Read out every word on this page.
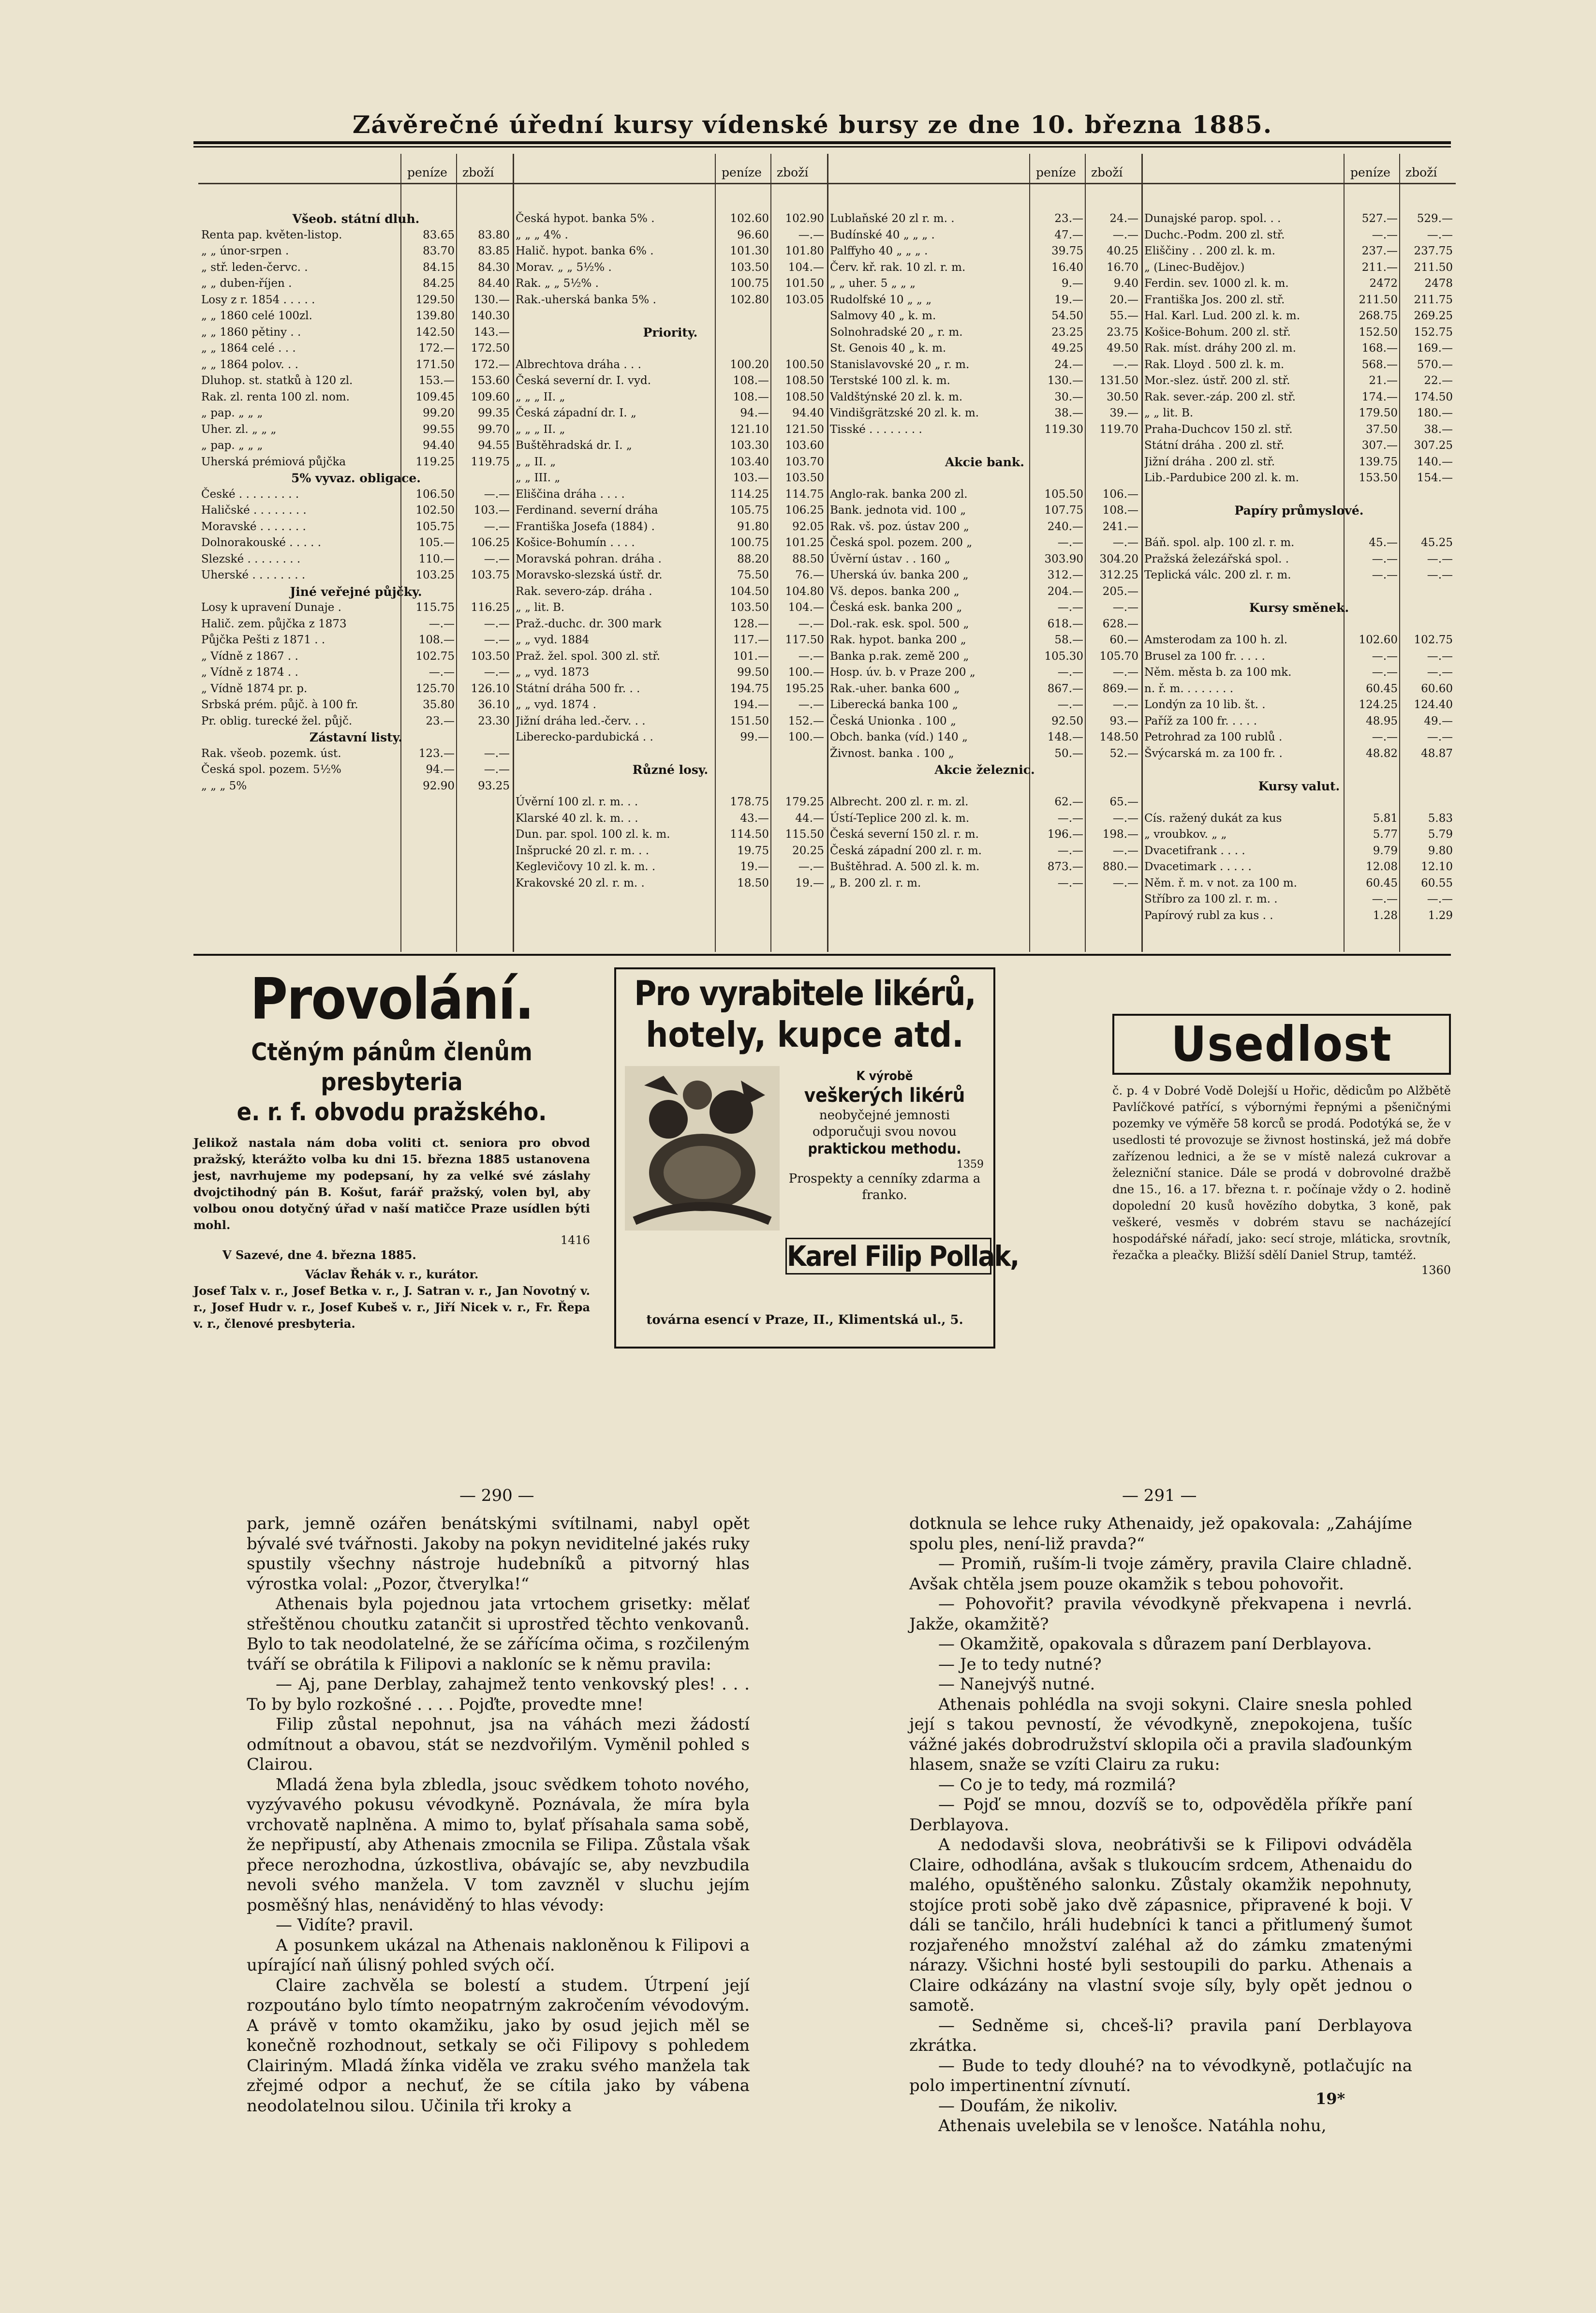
Závěrečné úřední kursy vídenské bursy ze dne 10. března 1885.
peníze zboží
Všeob. státní dluh.
Renta pap. květen-listop.	83.65	83.80
„ „ únor-srpen .	83.70	83.85
„ stř. leden-červc. .	84.15	84.30
„ „ duben-říjen .	84.25	84.40
Losy z r. 1854 . . . . .	129.50	130.—
„ „ 1860 celé 100zl.	139.80	140.30
„ „ 1860 pětiny . .	142.50	143.—
„ „ 1864 celé . . .	172.—	172.50
„ „ 1864 polov. . .	171.50	172.—
Dluhop. st. statků à 120 zl.	153.—	153.60
Rak. zl. renta 100 zl. nom.	109.45	109.60
„ pap. „ „ „	99.20	99.35
Uher. zl. „ „ „	99.55	99.70
„ pap. „ „ „	94.40	94.55
Uherská prémiová půjčka	119.25	119.75
5% vyvaz. obligace.
České . . . . . . . . .	106.50	—.—
Haličské . . . . . . . .	102.50	103.—
Moravské . . . . . . .	105.75	—.—
Dolnorakouské . . . . .	105.—	106.25
Slezské . . . . . . . .	110.—	—.—
Uherské . . . . . . . .	103.25	103.75
Jiné veřejné půjčky.
Losy k upravení Dunaje .	115.75	116.25
Halič. zem. půjčka z 1873	—.—	—.—
Půjčka Pešti z 1871 . .	108.—	—.—
„ Vídně z 1867 . .	102.75	103.50
„ Vídně z 1874 . .	—.—	—.—
„ Vídně 1874 pr. p.	125.70	126.10
Srbská prém. půjč. à 100 fr.	35.80	36.10
Pr. oblig. turecké žel. půjč.	23.—	23.30
Zástavní listy.
Rak. všeob. pozemk. úst.	123.—	—.—
Česká spol. pozem. 5½%	94.—	—.—
„ „ „ 5%	92.90	93.25
peníze zboží
Česká hypot. banka 5% .	102.60	102.90
„ „ „ 4% .	96.60	—.—
Halič. hypot. banka 6% .	101.30	101.80
Morav. „ „ 5½% .	103.50	104.—
Rak. „ „ 5½% .	100.75	101.50
Rak.-uherská banka 5% .	102.80	103.05
Priority.
Albrechtova dráha . . .	100.20	100.50
Česká severní dr. I. vyd.	108.—	108.50
„ „ „ II. „	108.—	108.50
Česká západní dr. I. „	94.—	94.40
„ „ „ II. „	121.10	121.50
Buštěhradská dr. I. „	103.30	103.60
„ „ II. „	103.40	103.70
„ „ III. „	103.—	103.50
Eliščina dráha . . . .	114.25	114.75
Ferdinand. severní dráha	105.75	106.25
Františka Josefa (1884) .	91.80	92.05
Košice-Bohumín . . . .	100.75	101.25
Moravská pohran. dráha .	88.20	88.50
Moravsko-slezská ústř. dr.	75.50	76.—
Rak. severo-záp. dráha .	104.50	104.80
„ „ lit. B.	103.50	104.—
Praž.-duchc. dr. 300 mark	128.—	—.—
„ „ vyd. 1884	117.—	117.50
Praž. žel. spol. 300 zl. stř.	101.—	—.—
„ „ vyd. 1873	99.50	100.—
Státní dráha 500 fr. . .	194.75	195.25
„ „ vyd. 1874 .	194.—	—.—
Jižní dráha led.-červ. . .	151.50	152.—
Liberecko-pardubická . .	99.—	100.—
Různé losy.
Úvěrní 100 zl. r. m. . .	178.75	179.25
Klarské 40 zl. k. m. . .	43.—	44.—
Dun. par. spol. 100 zl. k. m.	114.50	115.50
Inšprucké 20 zl. r. m. . .	19.75	20.25
Keglevičovy 10 zl. k. m. .	19.—	—.—
Krakovské 20 zl. r. m. .	18.50	19.—
peníze zboží
Lublaňské 20 zl r. m. .	23.—	24.—
Budínské 40 „ „ „ .	47.—	—.—
Palffyho 40 „ „ „ .	39.75	40.25
Červ. kř. rak. 10 zl. r. m.	16.40	16.70
„ „ uher. 5 „ „ „	9.—	9.40
Rudolfské 10 „ „ „	19.—	20.—
Salmovy 40 „ k. m.	54.50	55.—
Solnohradské 20 „ r. m.	23.25	23.75
St. Genois 40 „ k. m.	49.25	49.50
Stanislavovské 20 „ r. m.	24.—	—.—
Terstské 100 zl. k. m.	130.—	131.50
Valdštýnské 20 zl. k. m.	30.—	30.50
Vindišgrätzské 20 zl. k. m.	38.—	39.—
Tisské . . . . . . . .	119.30	119.70
Akcie bank.
Anglo-rak. banka 200 zl.	105.50	106.—
Bank. jednota vid. 100 „	107.75	108.—
Rak. vš. poz. ústav 200 „	240.—	241.—
Česká spol. pozem. 200 „	—.—	—.—
Úvěrní ústav . . 160 „	303.90	304.20
Uherská úv. banka 200 „	312.—	312.25
Vš. depos. banka 200 „	204.—	205.—
Česká esk. banka 200 „	—.—	—.—
Dol.-rak. esk. spol. 500 „	618.—	628.—
Rak. hypot. banka 200 „	58.—	60.—
Banka p.rak. země 200 „	105.30	105.70
Hosp. úv. b. v Praze 200 „	—.—	—.—
Rak.-uher. banka 600 „	867.—	869.—
Liberecká banka 100 „	—.—	—.—
Česká Unionka . 100 „	92.50	93.—
Obch. banka (víd.) 140 „	148.—	148.50
Živnost. banka . 100 „	50.—	52.—
Akcie železnic.
Albrecht. 200 zl. r. m. zl.	62.—	65.—
Ústí-Teplice 200 zl. k. m.	—.—	—.—
Česká severní 150 zl. r. m.	196.—	198.—
Česká západní 200 zl. r. m.	—.—	—.—
Buštěhrad. A. 500 zl. k. m.	873.—	880.—
„ B. 200 zl. r. m.	—.—	—.—
peníze zboží
Dunajské parop. spol. . .	527.—	529.—
Duchc.-Podm. 200 zl. stř.	—.—	—.—
Eliščiny . . 200 zl. k. m.	237.—	237.75
„ (Linec-Budějov.)	211.—	211.50
Ferdin. sev. 1000 zl. k. m.	2472	2478
Františka Jos. 200 zl. stř.	211.50	211.75
Hal. Karl. Lud. 200 zl. k. m.	268.75	269.25
Košice-Bohum. 200 zl. stř.	152.50	152.75
Rak. míst. dráhy 200 zl. m.	168.—	169.—
Rak. Lloyd . 500 zl. k. m.	568.—	570.—
Mor.-slez. ústř. 200 zl. stř.	21.—	22.—
Rak. sever.-záp. 200 zl. stř.	174.—	174.50
„ „ lit. B.	179.50	180.—
Praha-Duchcov 150 zl. stř.	37.50	38.—
Státní dráha . 200 zl. stř.	307.—	307.25
Jižní dráha . 200 zl. stř.	139.75	140.—
Lib.-Pardubice 200 zl. k. m.	153.50	154.—
Papíry průmyslové.
Báň. spol. alp. 100 zl. r. m.	45.—	45.25
Pražská železářská spol. .	—.—	—.—
Teplická válc. 200 zl. r. m.	—.—	—.—
Kursy směnek.
Amsterodam za 100 h. zl.	102.60	102.75
Brusel za 100 fr. . . . .	—.—	—.—
Něm. města b. za 100 mk.	—.—	—.—
n. ř. m. . . . . . . .	60.45	60.60
Londýn za 10 lib. št. .	124.25	124.40
Paříž za 100 fr. . . . .	48.95	49.—
Petrohrad za 100 rublů .	—.—	—.—
Švýcarská m. za 100 fr. .	48.82	48.87
Kursy valut.
Cís. ražený dukát za kus	5.81	5.83
„ vroubkov. „ „	5.77	5.79
Dvacetifrank . . . .	9.79	9.80
Dvacetimark . . . . .	12.08	12.10
Něm. ř. m. v not. za 100 m.	60.45	60.55
Stříbro za 100 zl. r. m. .	—.—	—.—
Papírový rubl za kus . .	1.28	1.29
Provolání.
Ctěným pánům členům presbyteria
e. r. f. obvodu pražského.
Jelikož nastala nám doba voliti ct. seniora pro obvod pražský, kterážto volba ku dni 15. března 1885 ustanovena jest, navrhujeme my podepsaní, hy za velké své záslahy dvojctihodný pán B. Košut, farář pražský, volen byl, aby volbou onou dotyčný úřad v naší matičce Praze usídlen býti mohl.
1416
V Sazevé, dne 4. března 1885.
Václav Řehák v. r., kurátor.
Josef Talx v. r., Josef Betka v. r., J. Satran v. r., Jan Novotný v. r., Josef Hudr v. r., Josef Kubeš v. r., Jiří Nicek v. r., Fr. Řepa v. r., členové presbyteria.
Pro vyrabitele likérů,
hotely, kupce atd.
K výrobě
veškerých likérů
neobyčejné jemnosti odporučuji svou novou
praktickou methodu.
1359
Prospekty a cenníky zdarma a franko.
Karel Filip Pollak,
továrna esencí v Praze, II., Klimentská ul., 5.
Usedlost
č. p. 4 v Dobré Vodě Dolejší u Hořic, dědicům po Alžbětě Pavlíčkové patřící, s výbornými řepnými a pšeničnými pozemky ve výměře 58 korců se prodá. Podotýká se, že v usedlosti té provozuje se živnost hostinská, jež má dobře zařízenou lednici, a že se v místě nalezá cukrovar a železniční stanice. Dále se prodá v dobrovolné dražbě dne 15., 16. a 17. března t. r. počínaje vždy o 2. hodině dopolední 20 kusů hovězího dobytka, 3 koně, pak veškeré, vesměs v dobrém stavu se nacházející hospodářské nářadí, jako: secí stroje, mláticka, srovtník, řezačka a pleačky. Bližší sdělí Daniel Strup, tamtéž.
1360
— 290 —	— 291 —

park, jemně ozářen benátskými svítilnami, nabyl opět bývalé své tvářnosti. Jakoby na pokyn neviditelné jakés ruky spustily všechny nástroje hudebníků a pitvorný hlas výrostka volal: „Pozor, čtverylka!“

Athenais byla pojednou jata vrtochem grisetky: mělať střeštěnou choutku zatančit si uprostřed těchto venkovanů. Bylo to tak neodolatelné, že se zářícíma očima, s rozčileným tváří se obrátila k Filipovi a nakloníc se k němu pravila:

— Aj, pane Derblay, zahajmež tento venkovský ples! . . . To by bylo rozkošné . . . . Pojďte, provedte mne!

Filip zůstal nepohnut, jsa na váhách mezi žádostí odmítnout a obavou, stát se nezdvořilým. Vyměnil pohled s Clairou.

Mladá žena byla zbledla, jsouc svědkem tohoto nového, vyzývavého pokusu vévodkyně. Poznávala, že míra byla vrchovatě naplněna. A mimo to, bylať přísahala sama sobě, že nepřipustí, aby Athenais zmocnila se Filipa. Zůstala však přece nerozhodna, úzkostliva, obávajíc se, aby nevzbudila nevoli svého manžela. V tom zavzněl v sluchu jejím posměšný hlas, nenáviděný to hlas vévody:

— Vidíte? pravil.

A posunkem ukázal na Athenais nakloněnou k Filipovi a upírající naň úlisný pohled svých očí.

Claire zachvěla se bolestí a studem. Útrpení její rozpoutáno bylo tímto neopatrným zakročením vévodovým. A právě v tomto okamžiku, jako by osud jejich měl se konečně rozhodnout, setkaly se oči Filipovy s pohledem Clairiným. Mladá žínka viděla ve zraku svého manžela tak zřejmé odpor a nechuť, že se cítila jako by vábena neodolatelnou silou. Učinila tři kroky a

dotknula se lehce ruky Athenaidy, jež opakovala: „Zahájíme spolu ples, není-liž pravda?“

— Promiň, ruším-li tvoje záměry, pravila Claire chladně. Avšak chtěla jsem pouze okamžik s tebou pohovořit.

— Pohovořit? pravila vévodkyně překvapena i nevrlá. Jakže, okamžitě?

— Okamžitě, opakovala s důrazem paní Derblayova.

— Je to tedy nutné?

— Nanejvýš nutné.

Athenais pohlédla na svoji sokyni. Claire snesla pohled její s takou pevností, že vévodkyně, znepokojena, tušíc vážné jakés dobrodružství sklopila oči a pravila slaďounkým hlasem, snaže se vzíti Clairu za ruku:

— Co je to tedy, má rozmilá?

— Pojď se mnou, dozvíš se to, odpověděla příkře paní Derblayova.

A nedodavši slova, neobrátivši se k Filipovi odváděla Claire, odhodlána, avšak s tlukoucím srdcem, Athenaidu do malého, opuštěného salonku. Zůstaly okamžik nepohnuty, stojíce proti sobě jako dvě zápasnice, připravené k boji. V dáli se tančilo, hráli hudebníci k tanci a přitlumený šumot rozjařeného množství zaléhal až do zámku zmatenými nárazy. Všichni hosté byli sestoupili do parku. Athenais a Claire odkázány na vlastní svoje síly, byly opět jednou o samotě.

— Sedněme si, chceš-li? pravila paní Derblayova zkrátka.

— Bude to tedy dlouhé? na to vévodkyně, potlačujíc na polo impertinentní zívnutí.

— Doufám, že nikoliv.

Athenais uvelebila se v lenošce. Natáhla nohu,

19*
